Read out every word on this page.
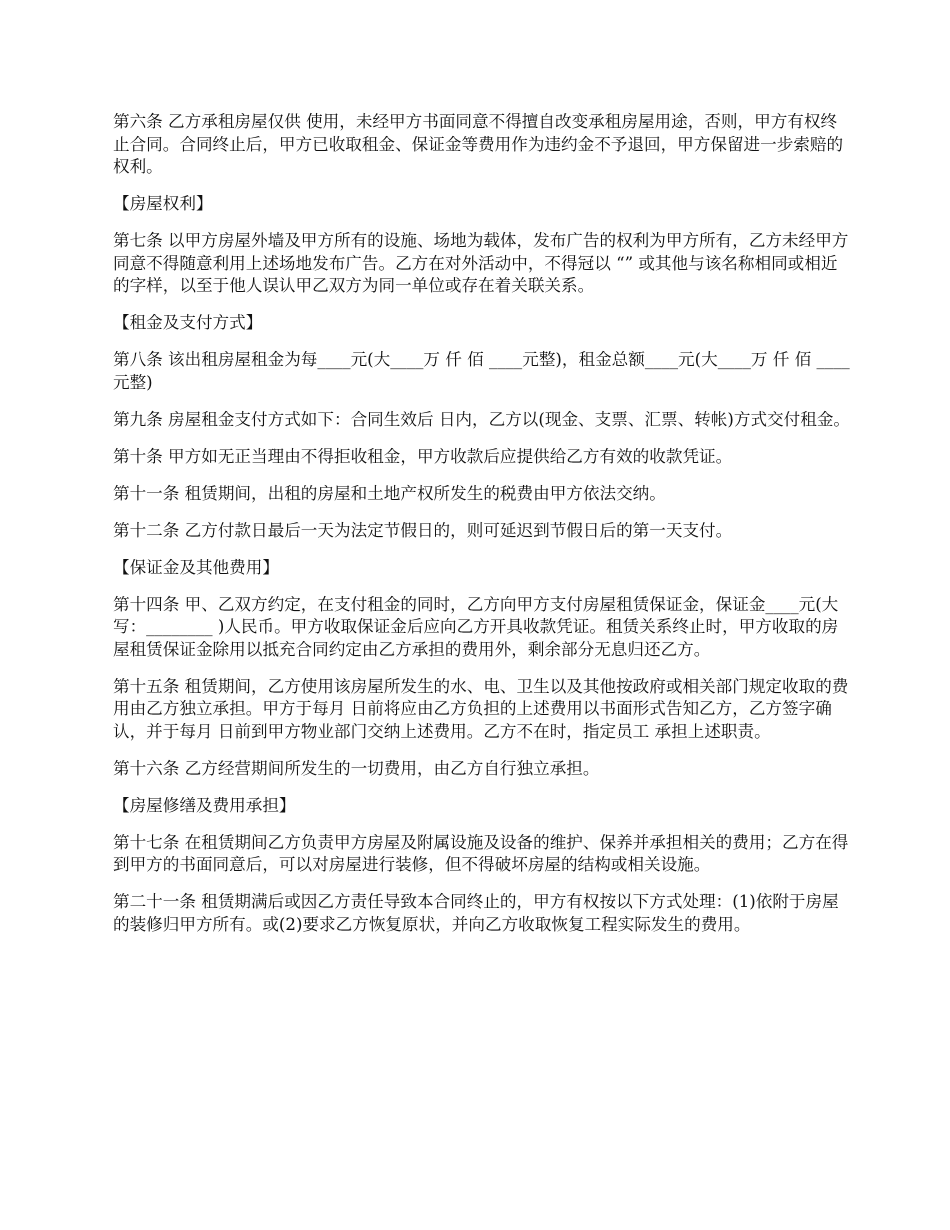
第六条 乙方承租房屋仅供 使用，未经甲方书面同意不得擅自改变承租房屋用途，否则，甲方有权终止合同。合同终止后，甲方已收取租金、保证金等费用作为违约金不予退回，甲方保留进一步索赔的权利。

【房屋权利】

第七条 以甲方房屋外墙及甲方所有的设施、场地为载体，发布广告的权利为甲方所有，乙方未经甲方同意不得随意利用上述场地发布广告。乙方在对外活动中，不得冠以 “” 或其他与该名称相同或相近的字样，以至于他人误认甲乙双方为同一单位或存在着关联关系。

【租金及支付方式】

第八条 该出租房屋租金为每____元(大____万 仟 佰 ____元整)，租金总额____元(大____万 仟 佰 ____元整)

第九条 房屋租金支付方式如下：合同生效后 日内，乙方以(现金、支票、汇票、转帐)方式交付租金。

第十条 甲方如无正当理由不得拒收租金，甲方收款后应提供给乙方有效的收款凭证。

第十一条 租赁期间，出租的房屋和土地产权所发生的税费由甲方依法交纳。

第十二条 乙方付款日最后一天为法定节假日的，则可延迟到节假日后的第一天支付。

【保证金及其他费用】

第十四条 甲、乙双方约定，在支付租金的同时，乙方向甲方支付房屋租赁保证金，保证金____元(大写：________ )人民币。甲方收取保证金后应向乙方开具收款凭证。租赁关系终止时，甲方收取的房屋租赁保证金除用以抵充合同约定由乙方承担的费用外，剩余部分无息归还乙方。

第十五条 租赁期间，乙方使用该房屋所发生的水、电、卫生以及其他按政府或相关部门规定收取的费用由乙方独立承担。甲方于每月 日前将应由乙方负担的上述费用以书面形式告知乙方，乙方签字确认，并于每月 日前到甲方物业部门交纳上述费用。乙方不在时，指定员工 承担上述职责。

第十六条 乙方经营期间所发生的一切费用，由乙方自行独立承担。

【房屋修缮及费用承担】

第十七条 在租赁期间乙方负责甲方房屋及附属设施及设备的维护、保养并承担相关的费用；乙方在得到甲方的书面同意后，可以对房屋进行装修，但不得破坏房屋的结构或相关设施。

第二十一条 租赁期满后或因乙方责任导致本合同终止的，甲方有权按以下方式处理：(1)依附于房屋的装修归甲方所有。或(2)要求乙方恢复原状，并向乙方收取恢复工程实际发生的费用。
